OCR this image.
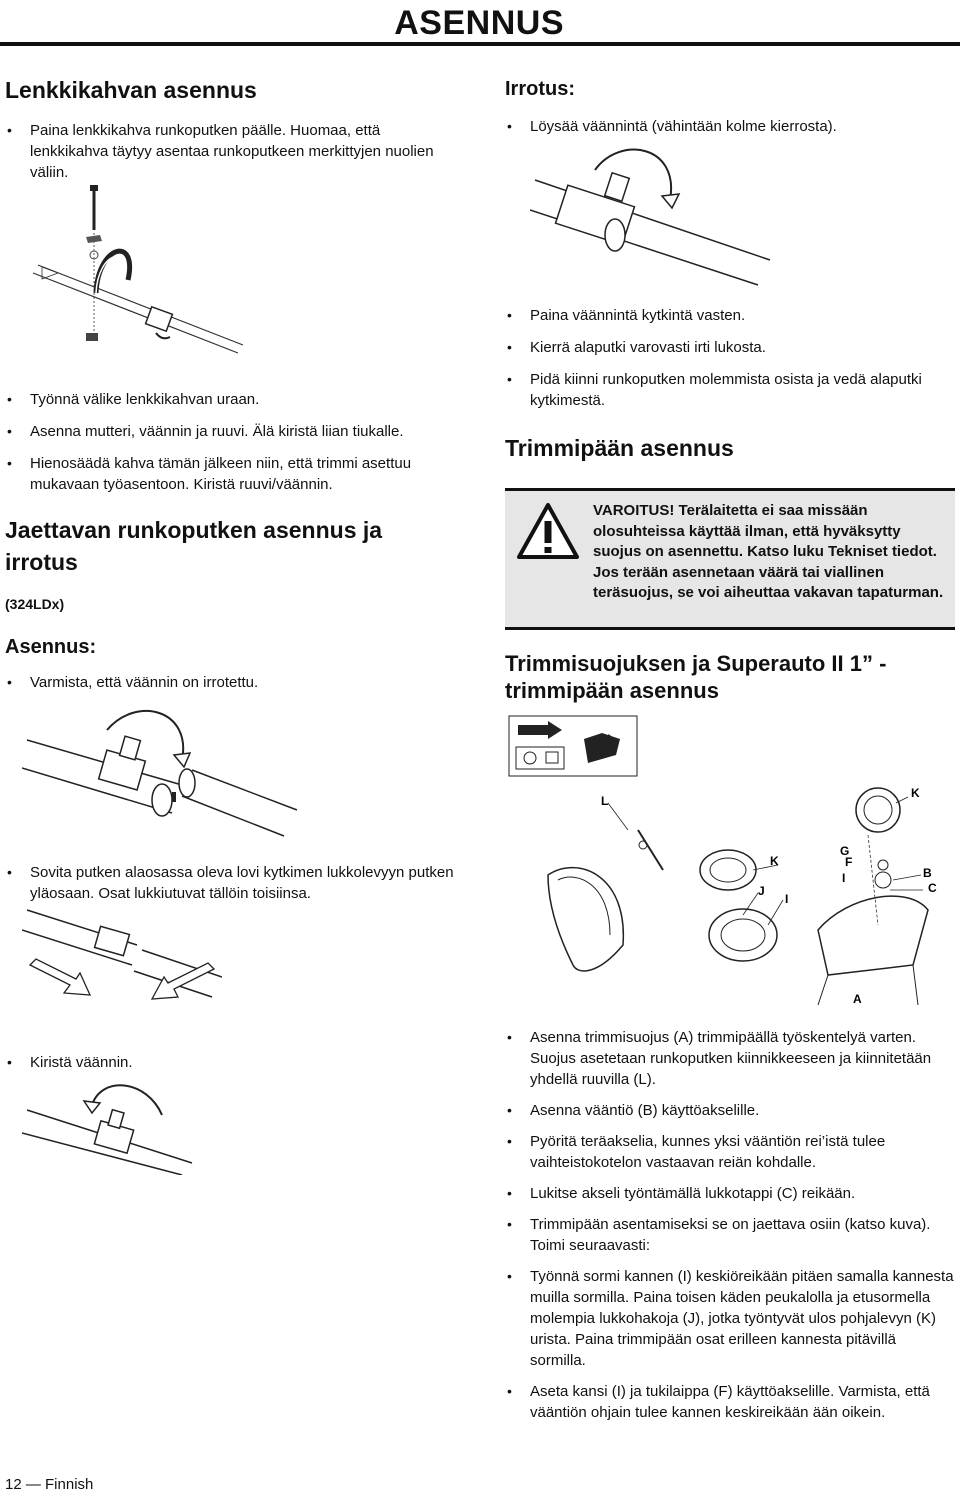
ASENNUS
Lenkkikahvan asennus
• Paina lenkkikahva runkoputken päälle. Huomaa, että lenkkikahva täytyy asentaa runkoputkeen merkittyjen nuolien väliin.
• Työnnä välike lenkkikahvan uraan.
• Asenna mutteri, väännin ja ruuvi. Älä kiristä liian tiukalle.
• Hienosäädä kahva tämän jälkeen niin, että trimmi asettuu mukavaan työasentoon. Kiristä ruuvi/väännin.
Jaettavan runkoputken asennus ja irrotus
(324LDx)
Asennus:
• Varmista, että väännin on irrotettu.
• Sovita putken alaosassa oleva lovi kytkimen lukkolevyyn putken yläosaan. Osat lukkiutuvat tällöin toisiinsa.
• Kiristä väännin.
12 — Finnish
Irrotus:
• Löysää väännintä (vähintään kolme kierrosta).
• Paina väännintä kytkintä vasten.
• Kierrä alaputki varovasti irti lukosta.
• Pidä kiinni runkoputken molemmista osista ja vedä alaputki kytkimestä.
Trimmipään asennus
VAROITUS! Terälaitetta ei saa missään olosuhteissa käyttää ilman, että hyväksytty suojus on asennettu. Katso luku Tekniset tiedot. Jos terään asennetaan väärä tai viallinen teräsuojus, se voi aiheuttaa vakavan tapaturman.
Trimmisuojuksen ja Superauto II 1” -trimmipään asennus
L
K
K
J
I
G
F
I	B
C
A
• Asenna trimmisuojus (A) trimmipäällä työskentelyä varten. Suojus asetetaan runkoputken kiinnikkeeseen ja kiinnitetään yhdellä ruuvilla (L).
• Asenna vääntiö (B) käyttöakselille.
• Pyöritä teräakselia, kunnes yksi vääntiön rei’istä tulee vaihteistokotelon vastaavan reiän kohdalle.
• Lukitse akseli työntämällä lukkotappi (C) reikään.
• Trimmipään asentamiseksi se on jaettava osiin (katso kuva). Toimi seuraavasti:
• Työnnä sormi kannen (I) keskiöreikään pitäen samalla kannesta muilla sormilla. Paina toisen käden peukalolla ja etusormella molempia lukkohakoja (J), jotka työntyvät ulos pohjalevyn (K) urista. Paina trimmipään osat erilleen kannesta pitävillä sormilla.
• Aseta kansi (I) ja tukilaippa (F) käyttöakselille. Varmista, että vääntiön ohjain tulee kannen keskireikään ään oikein.
